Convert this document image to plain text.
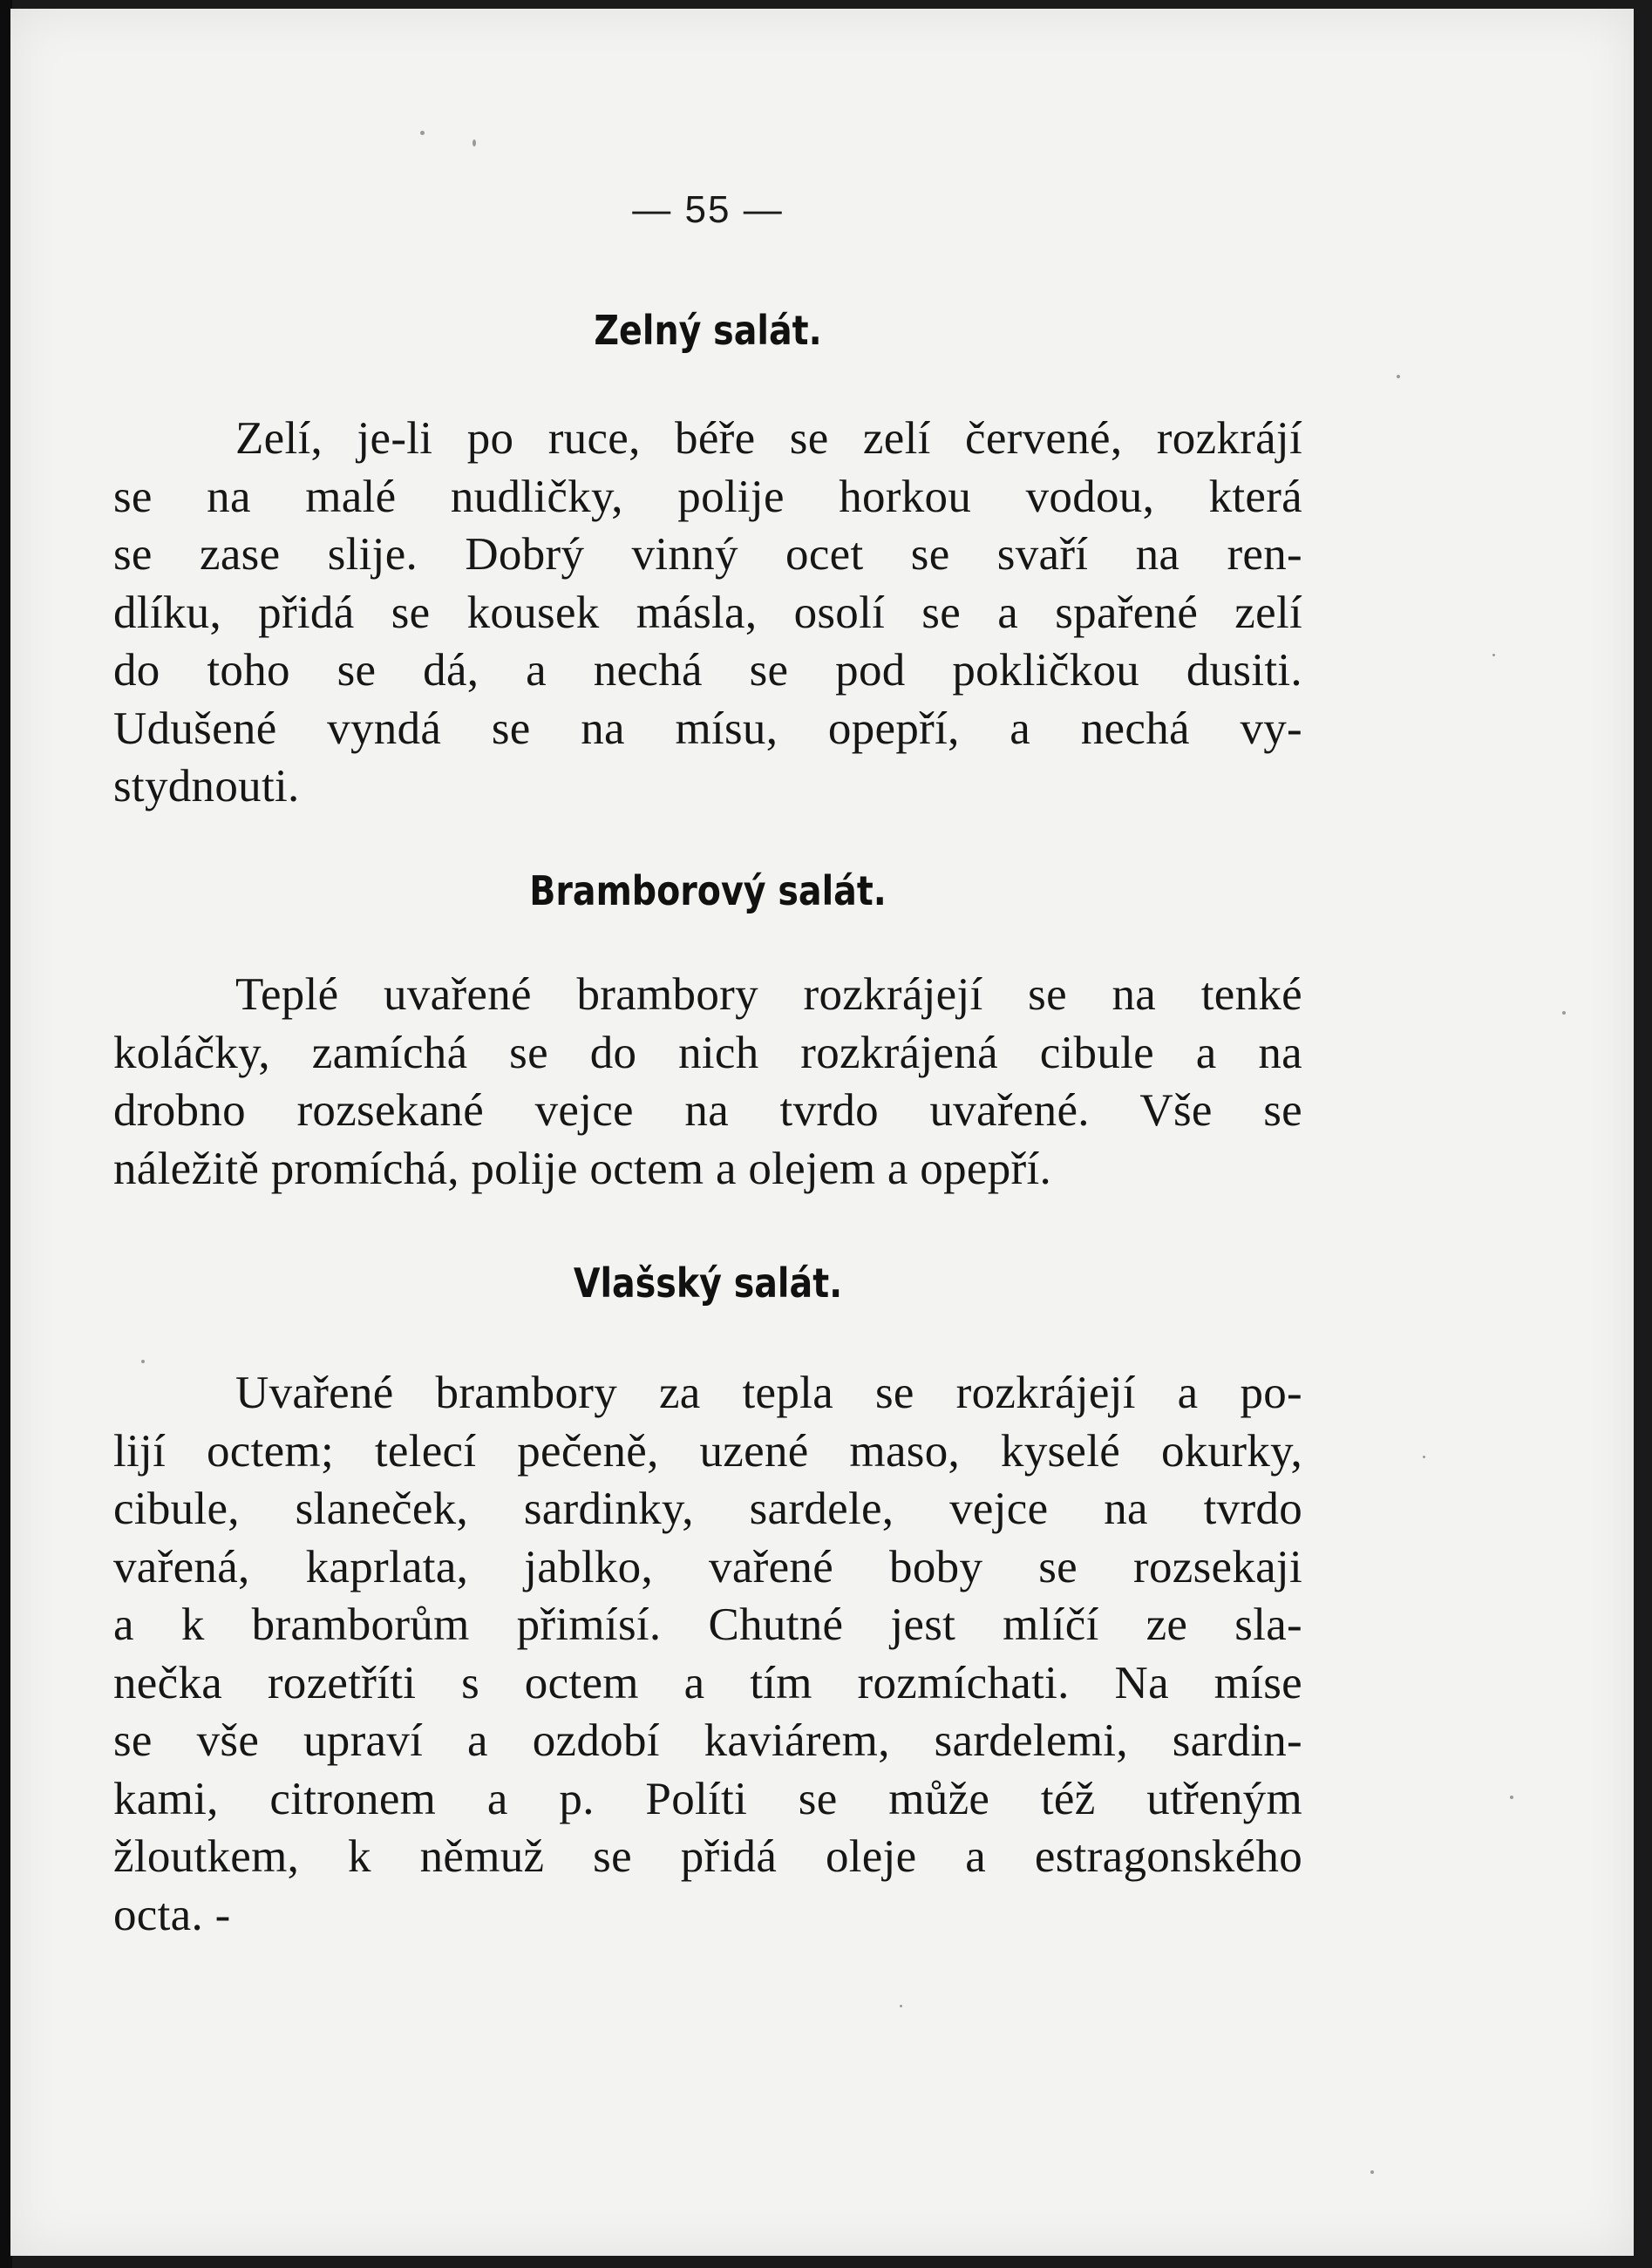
— 55 —
Zelný salát.
Zelí, je-li po ruce, béře se zelí červené, rozkrájí
se na malé nudličky, polije horkou vodou, která
se zase slije. Dobrý vinný ocet se svaří na ren-
dlíku, přidá se kousek másla, osolí se a spařené zelí
do toho se dá, a nechá se pod pokličkou dusiti.
Udušené vyndá se na mísu, opepří, a nechá vy-
stydnouti.
Bramborový salát.
Teplé uvařené brambory rozkrájejí se na tenké
koláčky, zamíchá se do nich rozkrájená cibule a na
drobno rozsekané vejce na tvrdo uvařené. Vše se
náležitě promíchá, polije octem a olejem a opepří.
Vlašský salát.
Uvařené brambory za tepla se rozkrájejí a po-
lijí octem; telecí pečeně, uzené maso, kyselé okurky,
cibule, slaneček, sardinky, sardele, vejce na tvrdo
vařená, kaprlata, jablko, vařené boby se rozsekaji
a k bramborům přimísí. Chutné jest mlíčí ze sla-
nečka rozetříti s octem a tím rozmíchati. Na míse
se vše upraví a ozdobí kaviárem, sardelemi, sardin-
kami, citronem a p. Políti se může též utřeným
žloutkem, k němuž se přidá oleje a estragonského
octa. -
